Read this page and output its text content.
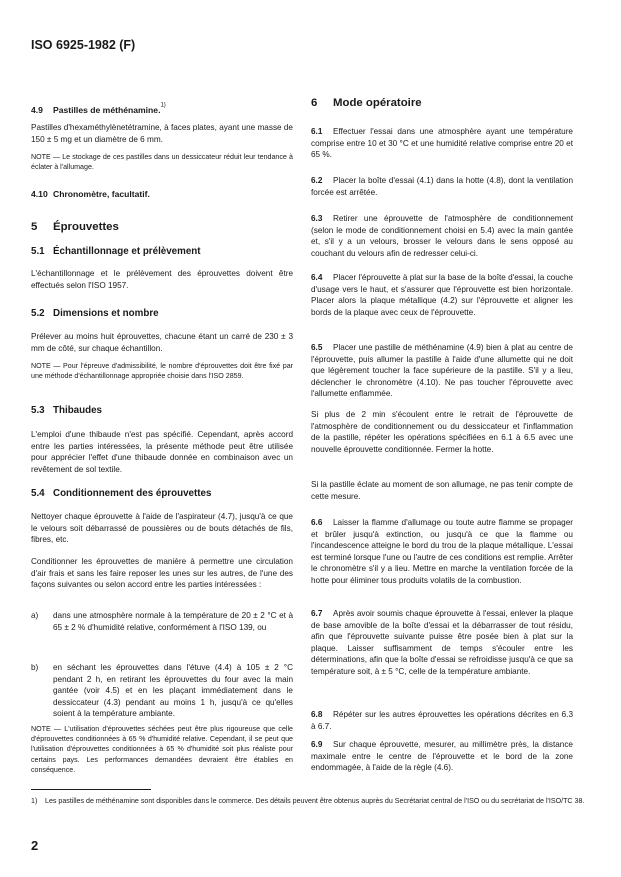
ISO 6925-1982 (F)
4.9 Pastilles de méthénamine.$^{1)}$

Pastilles d'hexaméthylènetétramine, à faces plates, ayant une masse de 150 ± 5 mg et un diamètre de 6 mm.

NOTE — Le stockage de ces pastilles dans un dessiccateur réduit leur tendance à éclater à l'allumage.

4.10 Chronomètre, facultatif.
5 Éprouvettes
5.1 Échantillonnage et prélèvement

L'échantillonnage et le prélèvement des éprouvettes doivent être effectués selon l'ISO 1957.

5.2 Dimensions et nombre

Prélever au moins huit éprouvettes, chacune étant un carré de 230 ± 3 mm de côté, sur chaque échantillon.

NOTE — Pour l'épreuve d'admissibilité, le nombre d'éprouvettes doit être fixé par une méthode d'échantillonnage appropriée choisie dans l'ISO 2859.

5.3 Thibaudes

L'emploi d'une thibaude n'est pas spécifié. Cependant, après accord entre les parties intéressées, la présente méthode peut être utilisée pour apprécier l'effet d'une thibaude donnée en combinaison avec un revêtement de sol textile.

5.4 Conditionnement des éprouvettes

Nettoyer chaque éprouvette à l'aide de l'aspirateur (4.7), jusqu'à ce que le velours soit débarrassé de poussières ou de bouts détachés de fils, fibres, etc.

Conditionner les éprouvettes de manière à permettre une circulation d'air frais et sans les faire reposer les unes sur les autres, de l'une des façons suivantes ou selon accord entre les parties intéressées :

a)	dans une atmosphère normale à la température de 20 ± 2 °C et à 65 ± 2 % d'humidité relative, conformément à l'ISO 139, ou

b)	en séchant les éprouvettes dans l'étuve (4.4) à 105 ± 2 °C pendant 2 h, en retirant les éprouvettes du four avec la main gantée (voir 4.5) et en les plaçant immédiatement dans le dessiccateur (4.3) pendant au moins 1 h, jusqu'à ce qu'elles soient à la température ambiante.

NOTE — L'utilisation d'éprouvettes séchées peut être plus rigoureuse que celle d'éprouvettes conditionnées à 65 % d'humidité relative. Cependant, il se peut que l'utilisation d'éprouvettes conditionnées à 65 % d'humidité soit plus réaliste pour certains pays. Les performances demandées devraient être établies en conséquence.

6 Mode opératoire

6.1 Effectuer l'essai dans une atmosphère ayant une température comprise entre 10 et 30 °C et une humidité relative comprise entre 20 et 65 %.

6.2 Placer la boîte d'essai (4.1) dans la hotte (4.8), dont la ventilation forcée est arrêtée.

6.3 Retirer une éprouvette de l'atmosphère de conditionnement (selon le mode de conditionnement choisi en 5.4) avec la main gantée et, s'il y a un velours, brosser le velours dans le sens opposé au couchant du velours afin de redresser celui-ci.

6.4 Placer l'éprouvette à plat sur la base de la boîte d'essai, la couche d'usage vers le haut, et s'assurer que l'éprouvette est bien horizontale. Placer alors la plaque métallique (4.2) sur l'éprouvette et aligner les bords de la plaque avec ceux de l'éprouvette.

6.5 Placer une pastille de méthénamine (4.9) bien à plat au centre de l'éprouvette, puis allumer la pastille à l'aide d'une allumette qui ne doit que légèrement toucher la face supérieure de la pastille. S'il y a lieu, déclencher le chronomètre (4.10). Ne pas toucher l'éprouvette avec l'allumette enflammée.

Si plus de 2 min s'écoulent entre le retrait de l'éprouvette de l'atmosphère de conditionnement ou du dessiccateur et l'inflammation de la pastille, répéter les opérations spécifiées en 6.1 à 6.5 avec une nouvelle éprouvette conditionnée. Fermer la hotte.

Si la pastille éclate au moment de son allumage, ne pas tenir compte de cette mesure.

6.6 Laisser la flamme d'allumage ou toute autre flamme se propager et brûler jusqu'à extinction, ou jusqu'à ce que la flamme ou l'incandescence atteigne le bord du trou de la plaque métallique. L'essai est terminé lorsque l'une ou l'autre de ces conditions est remplie. Arrêter le chronomètre s'il y a lieu. Mettre en marche la ventilation forcée de la hotte pour éliminer tous produits volatils de la combustion.

6.7 Après avoir soumis chaque éprouvette à l'essai, enlever la plaque de base amovible de la boîte d'essai et la débarrasser de tout résidu, afin que l'éprouvette suivante puisse être posée bien à plat sur la plaque. Laisser suffisamment de temps s'écouler entre les déterminations, afin que la boîte d'essai se refroidisse jusqu'à ce que sa température soit, à ± 5 °C, celle de la température ambiante.

6.8 Répéter sur les autres éprouvettes les opérations décrites en 6.3 à 6.7.

6.9 Sur chaque éprouvette, mesurer, au millimètre près, la distance maximale entre le centre de l'éprouvette et le bord de la zone endommagée, à l'aide de la règle (4.6).

1)	Les pastilles de méthénamine sont disponibles dans le commerce. Des détails peuvent être obtenus auprès du Secrétariat central de l'ISO ou du secrétariat de l'ISO/TC 38.
2
